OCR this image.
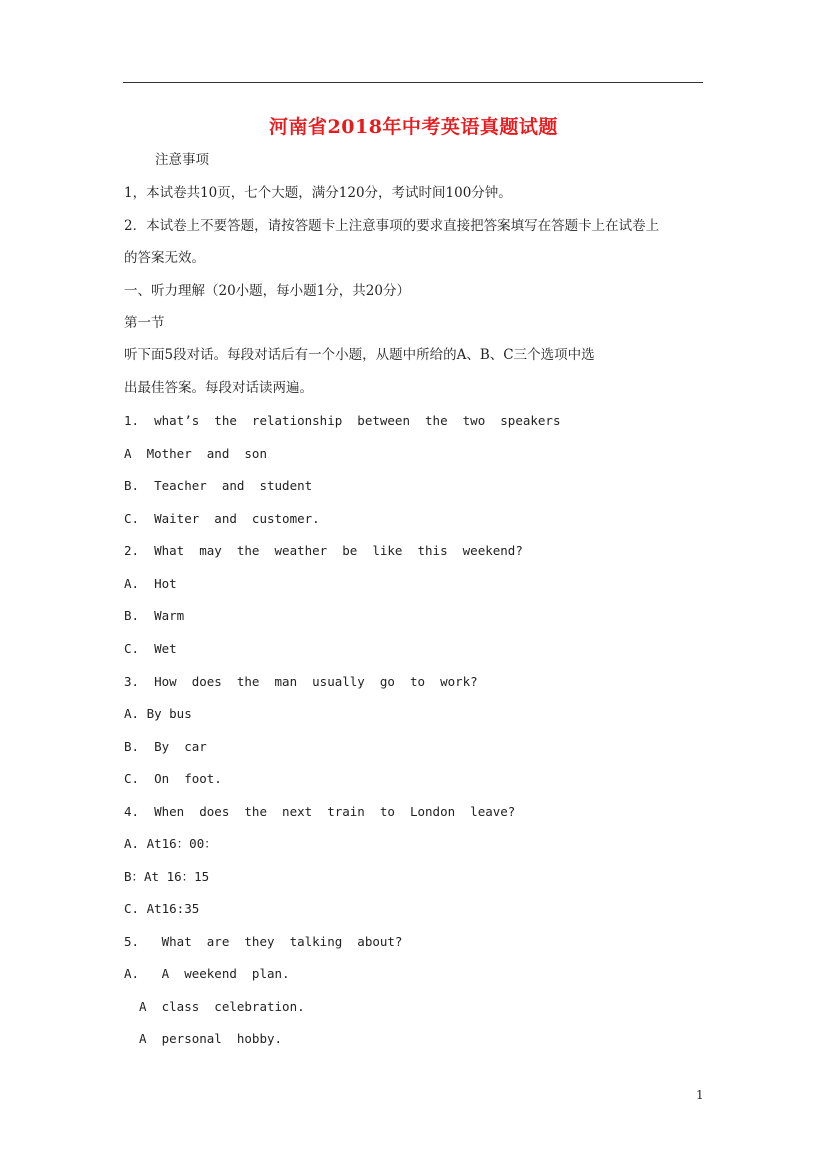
河南省2018年中考英语真题试题
注意事项
1，本试卷共10页，七个大题，满分120分，考试时间100分钟。
2．本试卷上不要答题，请按答题卡上注意事项的要求直接把答案填写在答题卡上在试卷上
的答案无效。
一、听力理解（20小题，每小题1分，共20分）
第一节
听下面5段对话。每段对话后有一个小题，从题中所给的A、B、C三个选项中选
出最佳答案。每段对话读两遍。
1.  what’s  the  relationship  between  the  two  speakers
A  Mother  and  son
B.  Teacher  and  student
C.  Waiter  and  customer.
2.  What  may  the  weather  be  like  this  weekend?
A.  Hot
B.  Warm
C.  Wet
3.  How  does  the  man  usually  go  to  work?
A. By bus
B.  By  car
C.  On  foot.
4.  When  does  the  next  train  to  London  leave?
A. At16：00：
B：At 16：15
C. At16:35
5.   What  are  they  talking  about?
A.   A  weekend  plan.
A  class  celebration.
A  personal  hobby.
1
